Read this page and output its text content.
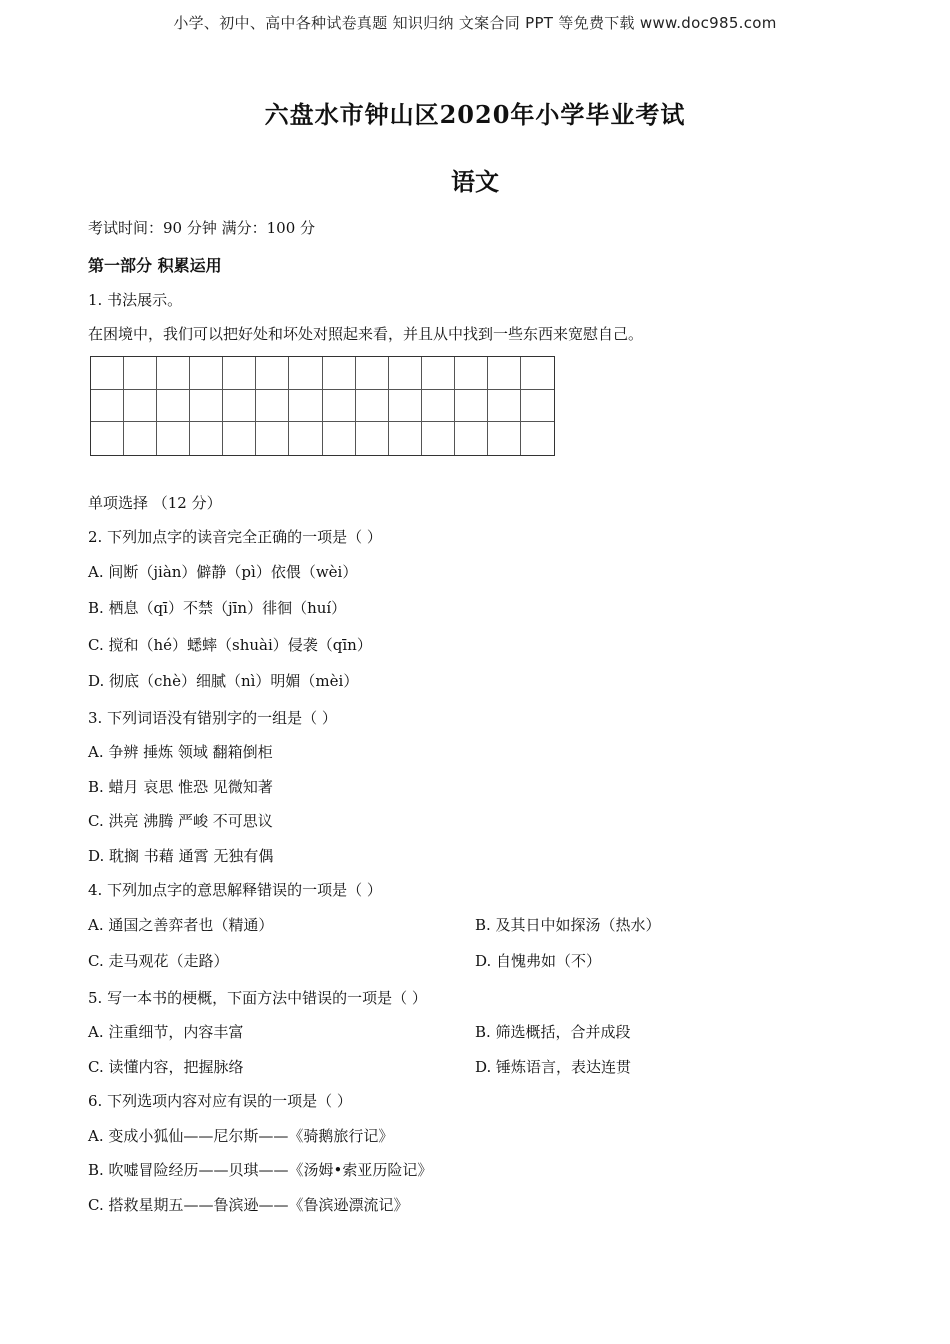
小学、初中、高中各种试卷真题 知识归纳 文案合同 PPT 等免费下载 www.doc985.com
六盘水市钟山区2020年小学毕业考试
语文
考试时间：90 分钟 满分：100 分
第一部分 积累运用
1. 书法展示。
在困境中，我们可以把好处和坏处对照起来看，并且从中找到一些东西来宽慰自己。
单项选择 （12 分）
2. 下列加点字的读音完全正确的一项是（ ）
A. 间断（jiàn）僻静（pì）依偎（wèi）
B. 栖息（qī）不禁（jīn）徘徊（huí）
C. 搅和（hé）蟋蟀（shuài）侵袭（qīn）
D. 彻底（chè）细腻（nì）明媚（mèi）
3. 下列词语没有错别字的一组是（ ）
A. 争辨 捶炼 领域 翻箱倒柜
B. 蜡月 哀思 惟恐 见微知著
C. 洪亮 沸腾 严峻 不可思议
D. 耽搁 书藉 通霄 无独有偶
4. 下列加点字的意思解释错误的一项是（ ）
A. 通国之善弈者也（精通）	B. 及其日中如探汤（热水）
C. 走马观花（走路）	D. 自愧弗如（不）
5. 写一本书的梗概，下面方法中错误的一项是（ ）
A. 注重细节，内容丰富	B. 筛选概括，合并成段
C. 读懂内容，把握脉络	D. 锤炼语言，表达连贯
6. 下列选项内容对应有误的一项是（ ）
A. 变成小狐仙——尼尔斯——《骑鹅旅行记》
B. 吹嘘冒险经历——贝琪——《汤姆•索亚历险记》
C. 搭救星期五——鲁滨逊——《鲁滨逊漂流记》
